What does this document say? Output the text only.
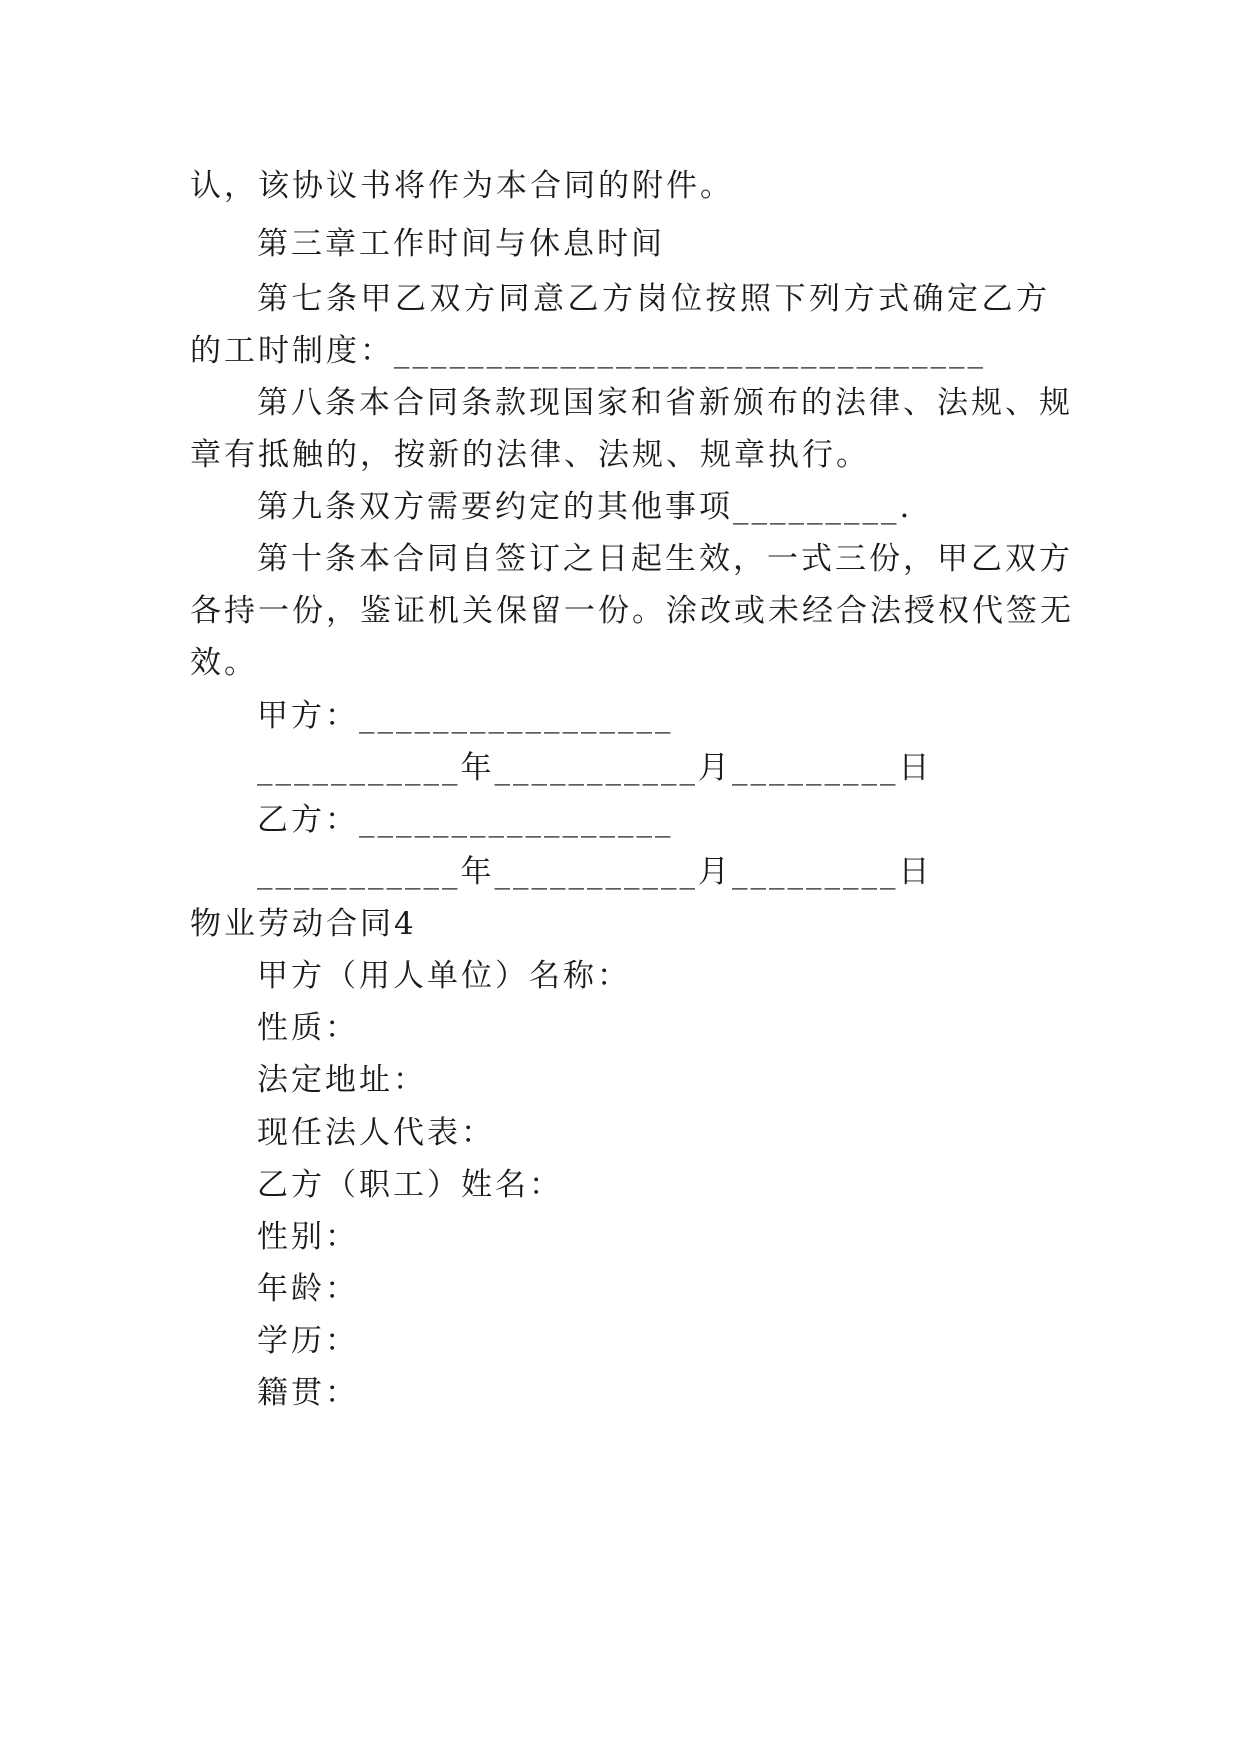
认，该协议书将作为本合同的附件。
第三章工作时间与休息时间
第七条甲乙双方同意乙方岗位按照下列方式确定乙方
的工时制度：________________________________
第八条本合同条款现国家和省新颁布的法律、法规、规
章有抵触的，按新的法律、法规、规章执行。
第九条双方需要约定的其他事项_________.
第十条本合同自签订之日起生效，一式三份，甲乙双方
各持一份，鉴证机关保留一份。涂改或未经合法授权代签无
效。
甲方：_________________
___________年___________月_________日
乙方：_________________
___________年___________月_________日
物业劳动合同4
甲方（用人单位）名称：
性质：
法定地址：
现任法人代表：
乙方（职工）姓名：
性别：
年龄：
学历：
籍贯：
